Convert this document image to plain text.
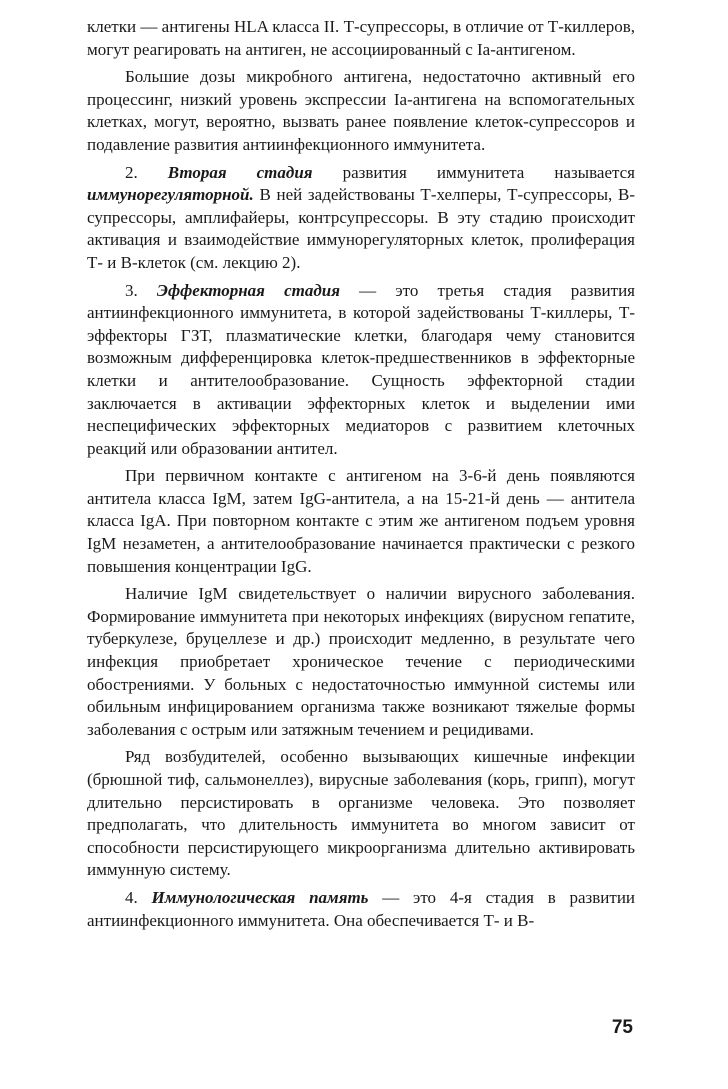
клетки — антигены HLA класса II. Т-супрессоры, в отличие от Т-киллеров, могут реагировать на антиген, не ассоциированный с Ia-антигеном.

Большие дозы микробного антигена, недостаточно активный его процессинг, низкий уровень экспрессии Ia-антигена на вспомогательных клетках, могут, вероятно, вызвать ранее появление клеток-супрессоров и подавление развития антиинфекционного иммунитета.

2. Вторая стадия развития иммунитета называется иммунорегуляторной. В ней задействованы Т-хелперы, Т-супрессоры, В-супрессоры, амплифайеры, контрсупрессоры. В эту стадию происходит активация и взаимодействие иммунорегуляторных клеток, пролиферация Т- и В-клеток (см. лекцию 2).

3. Эффекторная стадия — это третья стадия развития антиинфекционного иммунитета, в которой задействованы Т-киллеры, Т-эффекторы ГЗТ, плазматические клетки, благодаря чему становится возможным дифференцировка клеток-предшественников в эффекторные клетки и антителообразование. Сущность эффекторной стадии заключается в активации эффекторных клеток и выделении ими неспецифических эффекторных медиаторов с развитием клеточных реакций или образовании антител.

При первичном контакте с антигеном на 3-6-й день появляются антитела класса IgM, затем IgG-антитела, а на 15-21-й день — антитела класса IgA. При повторном контакте с этим же антигеном подъем уровня IgM незаметен, а антителообразование начинается практически с резкого повышения концентрации IgG.

Наличие IgM свидетельствует о наличии вирусного заболевания. Формирование иммунитета при некоторых инфекциях (вирусном гепатите, туберкулезе, бруцеллезе и др.) происходит медленно, в результате чего инфекция приобретает хроническое течение с периодическими обострениями. У больных с недостаточностью иммунной системы или обильным инфицированием организма также возникают тяжелые формы заболевания с острым или затяжным течением и рецидивами.

Ряд возбудителей, особенно вызывающих кишечные инфекции (брюшной тиф, сальмонеллез), вирусные заболевания (корь, грипп), могут длительно персистировать в организме человека. Это позволяет предполагать, что длительность иммунитета во многом зависит от способности персистирующего микроорганизма длительно активировать иммунную систему.

4. Иммунологическая память — это 4-я стадия в развитии антиинфекционного иммунитета. Она обеспечивается Т- и В-

75
